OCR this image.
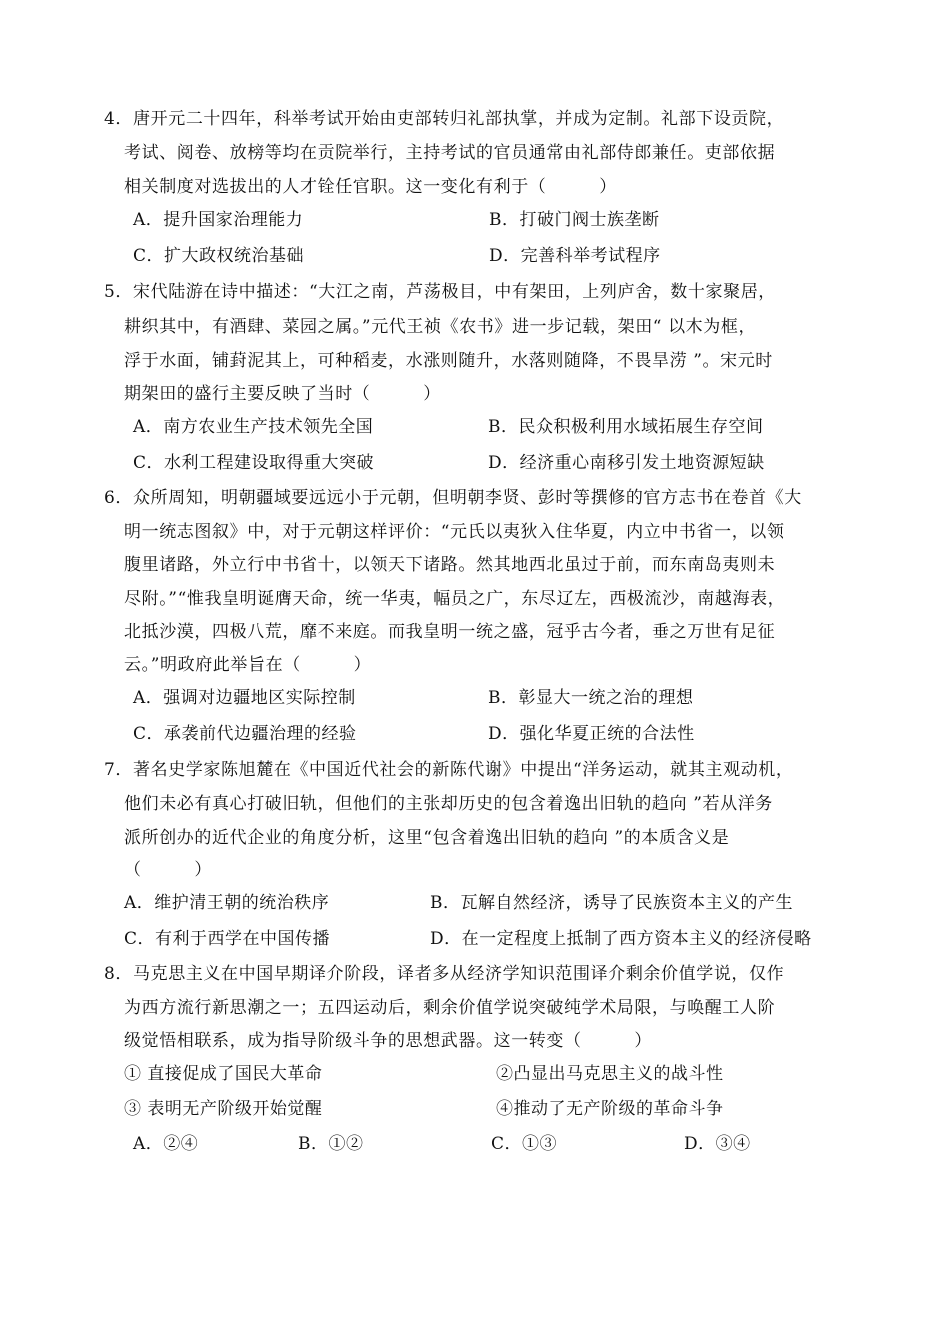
4．唐开元二十四年，科举考试开始由吏部转归礼部执掌，并成为定制。礼部下设贡院，
考试、阅卷、放榜等均在贡院举行，主持考试的官员通常由礼部侍郎兼任。吏部依据
相关制度对选拔出的人才铨任官职。这一变化有利于（　　　）
A．提升国家治理能力	B．打破门阀士族垄断
C．扩大政权统治基础	D．完善科举考试程序
5．宋代陆游在诗中描述：“大江之南，芦荡极目，中有架田，上列庐舍，数十家聚居，
耕织其中，有酒肆、菜园之属。”元代王祯《农书》进一步记载，架田“ 以木为框，
浮于水面，铺葑泥其上，可种稻麦，水涨则随升，水落则随降，不畏旱涝 ”。宋元时
期架田的盛行主要反映了当时（　　　）
A．南方农业生产技术领先全国	B．民众积极利用水域拓展生存空间
C．水利工程建设取得重大突破	D．经济重心南移引发土地资源短缺
6．众所周知，明朝疆域要远远小于元朝，但明朝李贤、彭时等撰修的官方志书在卷首《大
明一统志图叙》中，对于元朝这样评价：“元氏以夷狄入住华夏，内立中书省一，以领
腹里诸路，外立行中书省十，以领天下诸路。然其地西北虽过于前，而东南岛夷则未
尽附。”“惟我皇明诞膺天命，统一华夷，幅员之广，东尽辽左，西极流沙，南越海表，
北抵沙漠，四极八荒，靡不来庭。而我皇明一统之盛，冠乎古今者，垂之万世有足征
云。”明政府此举旨在（　　　）
A．强调对边疆地区实际控制	B．彰显大一统之治的理想
C．承袭前代边疆治理的经验	D．强化华夏正统的合法性
7．著名史学家陈旭麓在《中国近代社会的新陈代谢》中提出“洋务运动，就其主观动机，
他们未必有真心打破旧轨，但他们的主张却历史的包含着逸出旧轨的趋向 ”若从洋务
派所创办的近代企业的角度分析，这里“包含着逸出旧轨的趋向 ”的本质含义是
（　　　）
A．维护清王朝的统治秩序	B．瓦解自然经济，诱导了民族资本主义的产生
C．有利于西学在中国传播	D．在一定程度上抵制了西方资本主义的经济侵略
8．马克思主义在中国早期译介阶段，译者多从经济学知识范围译介剩余价值学说，仅作
为西方流行新思潮之一；五四运动后，剩余价值学说突破纯学术局限，与唤醒工人阶
级觉悟相联系，成为指导阶级斗争的思想武器。这一转变（　　　）
① 直接促成了国民大革命	②凸显出马克思主义的战斗性
③ 表明无产阶级开始觉醒	④推动了无产阶级的革命斗争
A．②④	B．①②	C．①③	D．③④
